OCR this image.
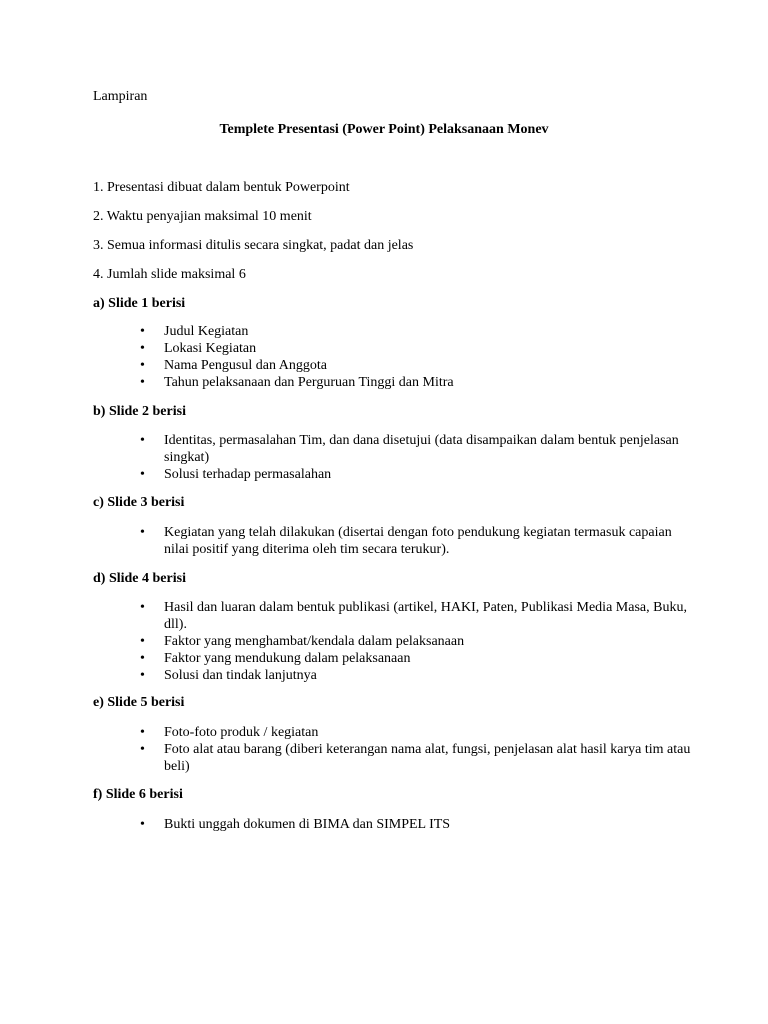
Lampiran
Templete Presentasi (Power Point) Pelaksanaan Monev
1. Presentasi dibuat dalam bentuk Powerpoint
2. Waktu penyajian maksimal 10 menit
3. Semua informasi ditulis secara singkat, padat dan jelas
4. Jumlah slide maksimal 6
a) Slide 1 berisi
• Judul Kegiatan
• Lokasi Kegiatan
• Nama Pengusul dan Anggota
• Tahun pelaksanaan dan Perguruan Tinggi dan Mitra
b) Slide 2 berisi
• Identitas, permasalahan Tim, dan dana disetujui (data disampaikan dalam bentuk penjelasan singkat)
• Solusi terhadap permasalahan
c) Slide 3 berisi
• Kegiatan yang telah dilakukan (disertai dengan foto pendukung kegiatan termasuk capaian nilai positif yang diterima oleh tim secara terukur).
d) Slide 4 berisi
• Hasil dan luaran dalam bentuk publikasi (artikel, HAKI, Paten, Publikasi Media Masa, Buku, dll).
• Faktor yang menghambat/kendala dalam pelaksanaan
• Faktor yang mendukung dalam pelaksanaan
• Solusi dan tindak lanjutnya
e) Slide 5 berisi
• Foto-foto produk / kegiatan
• Foto alat atau barang (diberi keterangan nama alat, fungsi, penjelasan alat hasil karya tim atau beli)
f) Slide 6 berisi
• Bukti unggah dokumen di BIMA dan SIMPEL ITS
